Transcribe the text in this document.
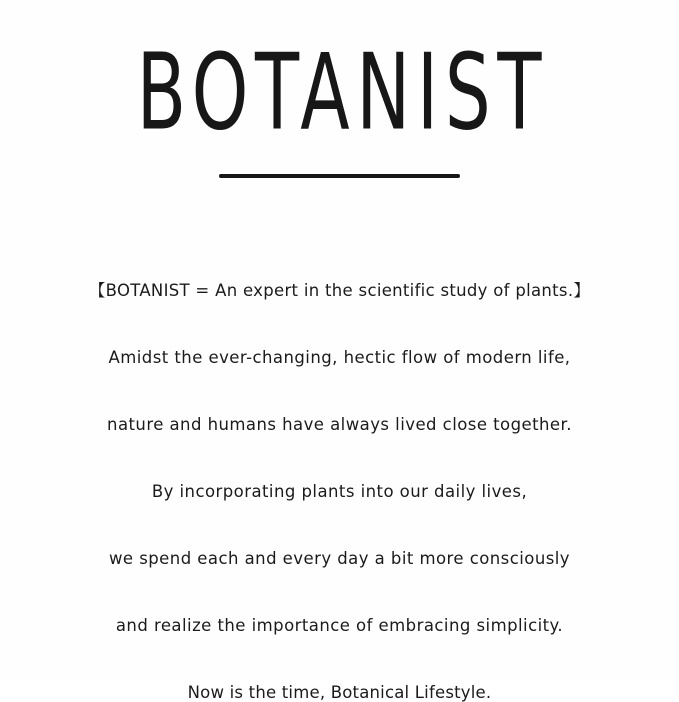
BOTANIST

【BOTANIST = An expert in the scientific study of plants.】

Amidst the ever-changing, hectic flow of modern life,

nature and humans have always lived close together.

By incorporating plants into our daily lives,

we spend each and every day a bit more consciously

and realize the importance of embracing simplicity.

Now is the time, Botanical Lifestyle.
